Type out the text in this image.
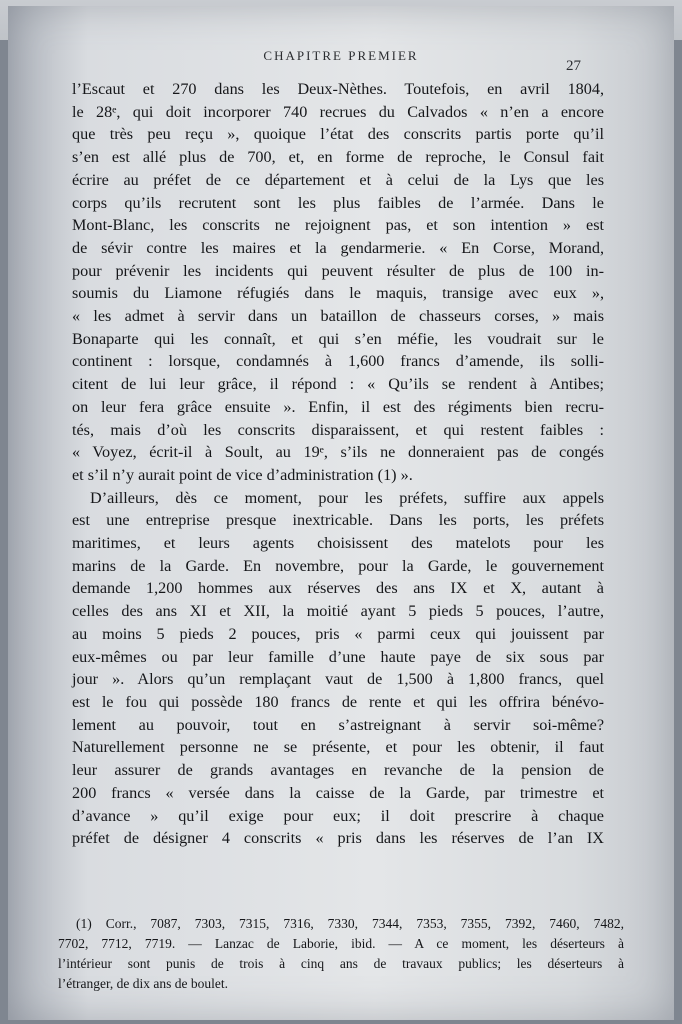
CHAPITRE PREMIER
27
l’Escaut et 270 dans les Deux-Nèthes. Toutefois, en avril 1804,
le 28ᵉ, qui doit incorporer 740 recrues du Calvados « n’en a encore
que très peu reçu », quoique l’état des conscrits partis porte qu’il
s’en est allé plus de 700, et, en forme de reproche, le Consul fait
écrire au préfet de ce département et à celui de la Lys que les
corps qu’ils recrutent sont les plus faibles de l’armée. Dans le
Mont-Blanc, les conscrits ne rejoignent pas, et son intention » est
de sévir contre les maires et la gendarmerie. « En Corse, Morand,
pour prévenir les incidents qui peuvent résulter de plus de 100 in-
soumis du Liamone réfugiés dans le maquis, transige avec eux »,
« les admet à servir dans un bataillon de chasseurs corses, » mais
Bonaparte qui les connaît, et qui s’en méfie, les voudrait sur le
continent : lorsque, condamnés à 1,600 francs d’amende, ils solli-
citent de lui leur grâce, il répond : « Qu’ils se rendent à Antibes;
on leur fera grâce ensuite ». Enfin, il est des régiments bien recru-
tés, mais d’où les conscrits disparaissent, et qui restent faibles :
« Voyez, écrit-il à Soult, au 19ᵉ, s’ils ne donneraient pas de congés
et s’il n’y aurait point de vice d’administration (1) ».
D’ailleurs, dès ce moment, pour les préfets, suffire aux appels
est une entreprise presque inextricable. Dans les ports, les préfets
maritimes, et leurs agents choisissent des matelots pour les
marins de la Garde. En novembre, pour la Garde, le gouvernement
demande 1,200 hommes aux réserves des ans IX et X, autant à
celles des ans XI et XII, la moitié ayant 5 pieds 5 pouces, l’autre,
au moins 5 pieds 2 pouces, pris « parmi ceux qui jouissent par
eux-mêmes ou par leur famille d’une haute paye de six sous par
jour ». Alors qu’un remplaçant vaut de 1,500 à 1,800 francs, quel
est le fou qui possède 180 francs de rente et qui les offrira bénévo-
lement au pouvoir, tout en s’astreignant à servir soi-même?
Naturellement personne ne se présente, et pour les obtenir, il faut
leur assurer de grands avantages en revanche de la pension de
200 francs « versée dans la caisse de la Garde, par trimestre et
d’avance » qu’il exige pour eux; il doit prescrire à chaque
préfet de désigner 4 conscrits « pris dans les réserves de l’an IX
(1) Corr., 7087, 7303, 7315, 7316, 7330, 7344, 7353, 7355, 7392, 7460, 7482,
7702, 7712, 7719. — Lanzac de Laborie, ibid. — A ce moment, les déserteurs à
l’intérieur sont punis de trois à cinq ans de travaux publics; les déserteurs à
l’étranger, de dix ans de boulet.
